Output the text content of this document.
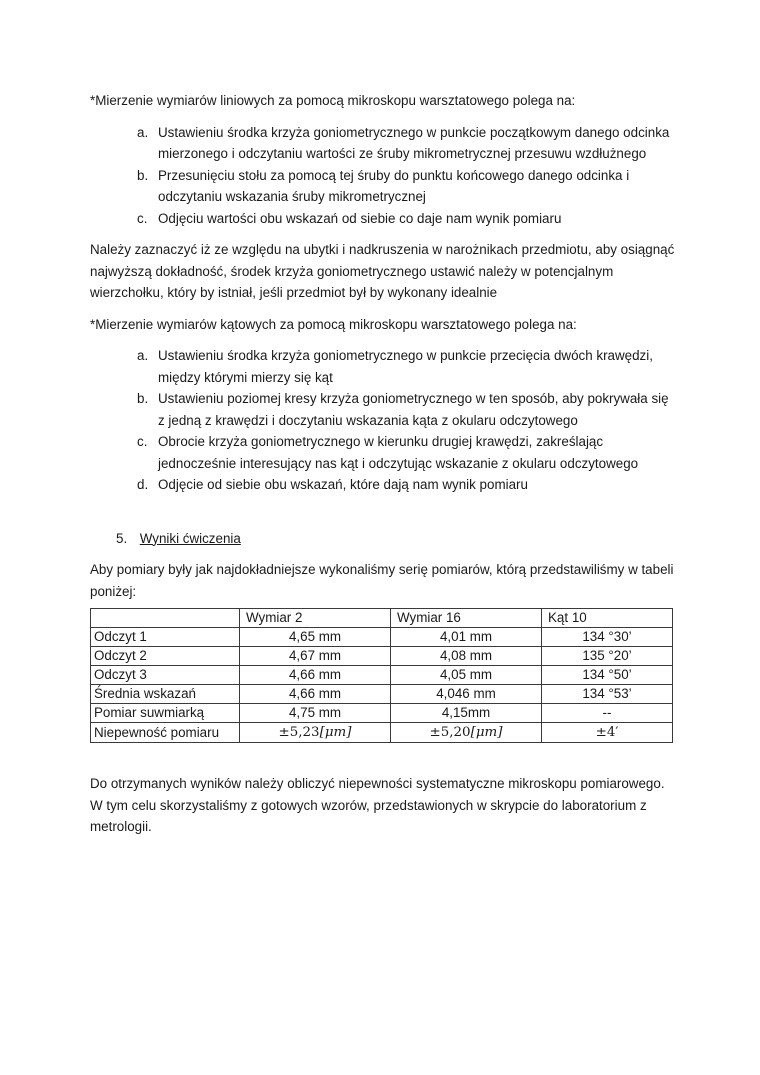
*Mierzenie wymiarów liniowych za pomocą mikroskopu warsztatowego polega na:

a. Ustawieniu środka krzyża goniometrycznego w punkcie początkowym danego odcinka mierzonego i odczytaniu wartości ze śruby mikrometrycznej przesuwu wzdłużnego
b. Przesunięciu stołu za pomocą tej śruby do punktu końcowego danego odcinka i odczytaniu wskazania śruby mikrometrycznej
c. Odjęciu wartości obu wskazań od siebie co daje nam wynik pomiaru

Należy zaznaczyć iż ze względu na ubytki i nadkruszenia w narożnikach przedmiotu, aby osiągnąć najwyższą dokładność, środek krzyża goniometrycznego ustawić należy w potencjalnym wierzchołku, który by istniał, jeśli przedmiot był by wykonany idealnie

*Mierzenie wymiarów kątowych za pomocą mikroskopu warsztatowego polega na:

a. Ustawieniu środka krzyża goniometrycznego w punkcie przecięcia dwóch krawędzi, między którymi mierzy się kąt
b. Ustawieniu poziomej kresy krzyża goniometrycznego w ten sposób, aby pokrywała się z jedną z krawędzi i doczytaniu wskazania kąta z okularu odczytowego
c. Obrocie krzyża goniometrycznego w kierunku drugiej krawędzi, zakreślając jednocześnie interesujący nas kąt i odczytując wskazanie z okularu odczytowego
d. Odjęcie od siebie obu wskazań, które dają nam wynik pomiaru

5. Wyniki ćwiczenia

Aby pomiary były jak najdokładniejsze wykonaliśmy serię pomiarów, którą przedstawiliśmy w tabeli poniżej:

	Wymiar 2	Wymiar 16	Kąt 10
Odczyt 1	4,65 mm	4,01 mm	134 °30’
Odczyt 2	4,67 mm	4,08 mm	135 °20’
Odczyt 3	4,66 mm	4,05 mm	134 °50’
Średnia wskazań	4,66 mm	4,046 mm	134 °53’
Pomiar suwmiarką	4,75 mm	4,15mm	--
Niepewność pomiaru	±5,23[μm]	±5,20[μm]	±4′

Do otrzymanych wyników należy obliczyć niepewności systematyczne mikroskopu pomiarowego. W tym celu skorzystaliśmy z gotowych wzorów, przedstawionych w skrypcie do laboratorium z metrologii.
